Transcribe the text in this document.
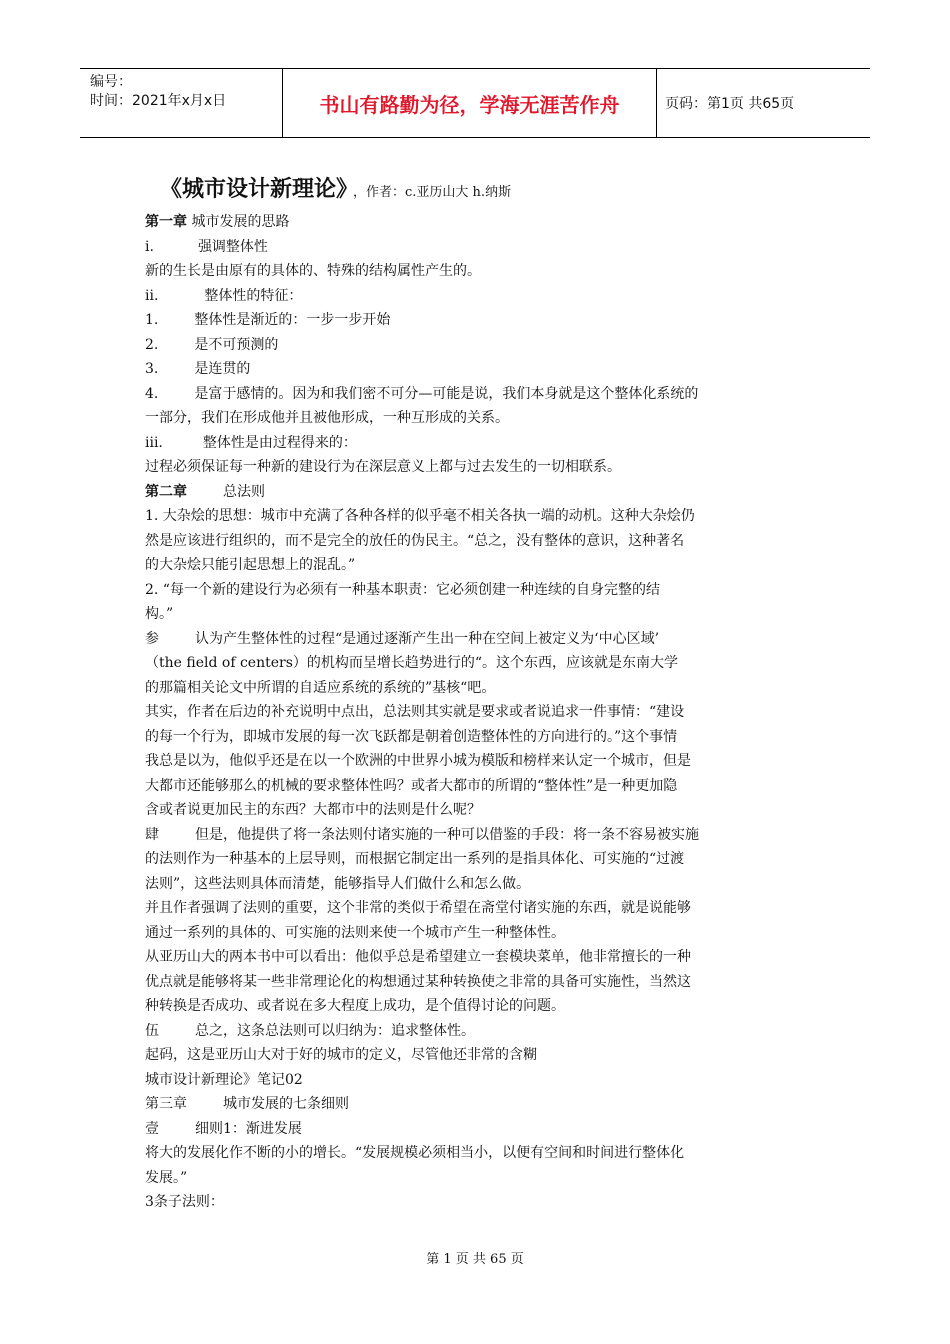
编号：
时间：2021年x月x日	书山有路勤为径，学海无涯苦作舟	页码：第1页 共65页
《城市设计新理论》 ，作者：c.亚历山大 h.纳斯

第一章 城市发展的思路

i.	强调整体性

新的生长是由原有的具体的、特殊的结构属性产生的。

ii.	整体性的特征：

1.	整体性是渐近的：一步一步开始

2.	是不可预测的

3.	是连贯的

4.	是富于感情的。因为和我们密不可分—可能是说，我们本身就是这个整体化系统的

一部分，我们在形成他并且被他形成，一种互形成的关系。

iii.	整体性是由过程得来的：

过程必须保证每一种新的建设行为在深层意义上都与过去发生的一切相联系。

第二章	总法则

1. 大杂烩的思想：城市中充满了各种各样的似乎毫不相关各执一端的动机。这种大杂烩仍

然是应该进行组织的，而不是完全的放任的伪民主。“总之，没有整体的意识，这种著名

的大杂烩只能引起思想上的混乱。”

2. “每一个新的建设行为必须有一种基本职责：它必须创建一种连续的自身完整的结

构。”

参	认为产生整体性的过程“是通过逐渐产生出一种在空间上被定义为‘中心区域’

（the field of centers）的机构而呈增长趋势进行的“。这个东西，应该就是东南大学

的那篇相关论文中所谓的自适应系统的系统的”基核“吧。

其实，作者在后边的补充说明中点出，总法则其实就是要求或者说追求一件事情：“建设

的每一个行为，即城市发展的每一次飞跃都是朝着创造整体性的方向进行的。”这个事情

我总是以为，他似乎还是在以一个欧洲的中世界小城为模版和榜样来认定一个城市，但是

大都市还能够那么的机械的要求整体性吗？或者大都市的所谓的“整体性”是一种更加隐

含或者说更加民主的东西？大都市中的法则是什么呢？

肆	但是，他提供了将一条法则付诸实施的一种可以借鉴的手段：将一条不容易被实施

的法则作为一种基本的上层导则，而根据它制定出一系列的是指具体化、可实施的“过渡

法则”，这些法则具体而清楚，能够指导人们做什么和怎么做。

并且作者强调了法则的重要，这个非常的类似于希望在斋堂付诸实施的东西，就是说能够

通过一系列的具体的、可实施的法则来使一个城市产生一种整体性。

从亚历山大的两本书中可以看出：他似乎总是希望建立一套模块菜单，他非常擅长的一种

优点就是能够将某一些非常理论化的构想通过某种转换使之非常的具备可实施性，当然这

种转换是否成功、或者说在多大程度上成功，是个值得讨论的问题。

伍	总之，这条总法则可以归纳为：追求整体性。

起码，这是亚历山大对于好的城市的定义，尽管他还非常的含糊

城市设计新理论》笔记02

第三章	城市发展的七条细则

壹	细则1：渐进发展

将大的发展化作不断的小的增长。“发展规模必须相当小，以便有空间和时间进行整体化

发展。”

3条子法则：

第 1 页 共 65 页
